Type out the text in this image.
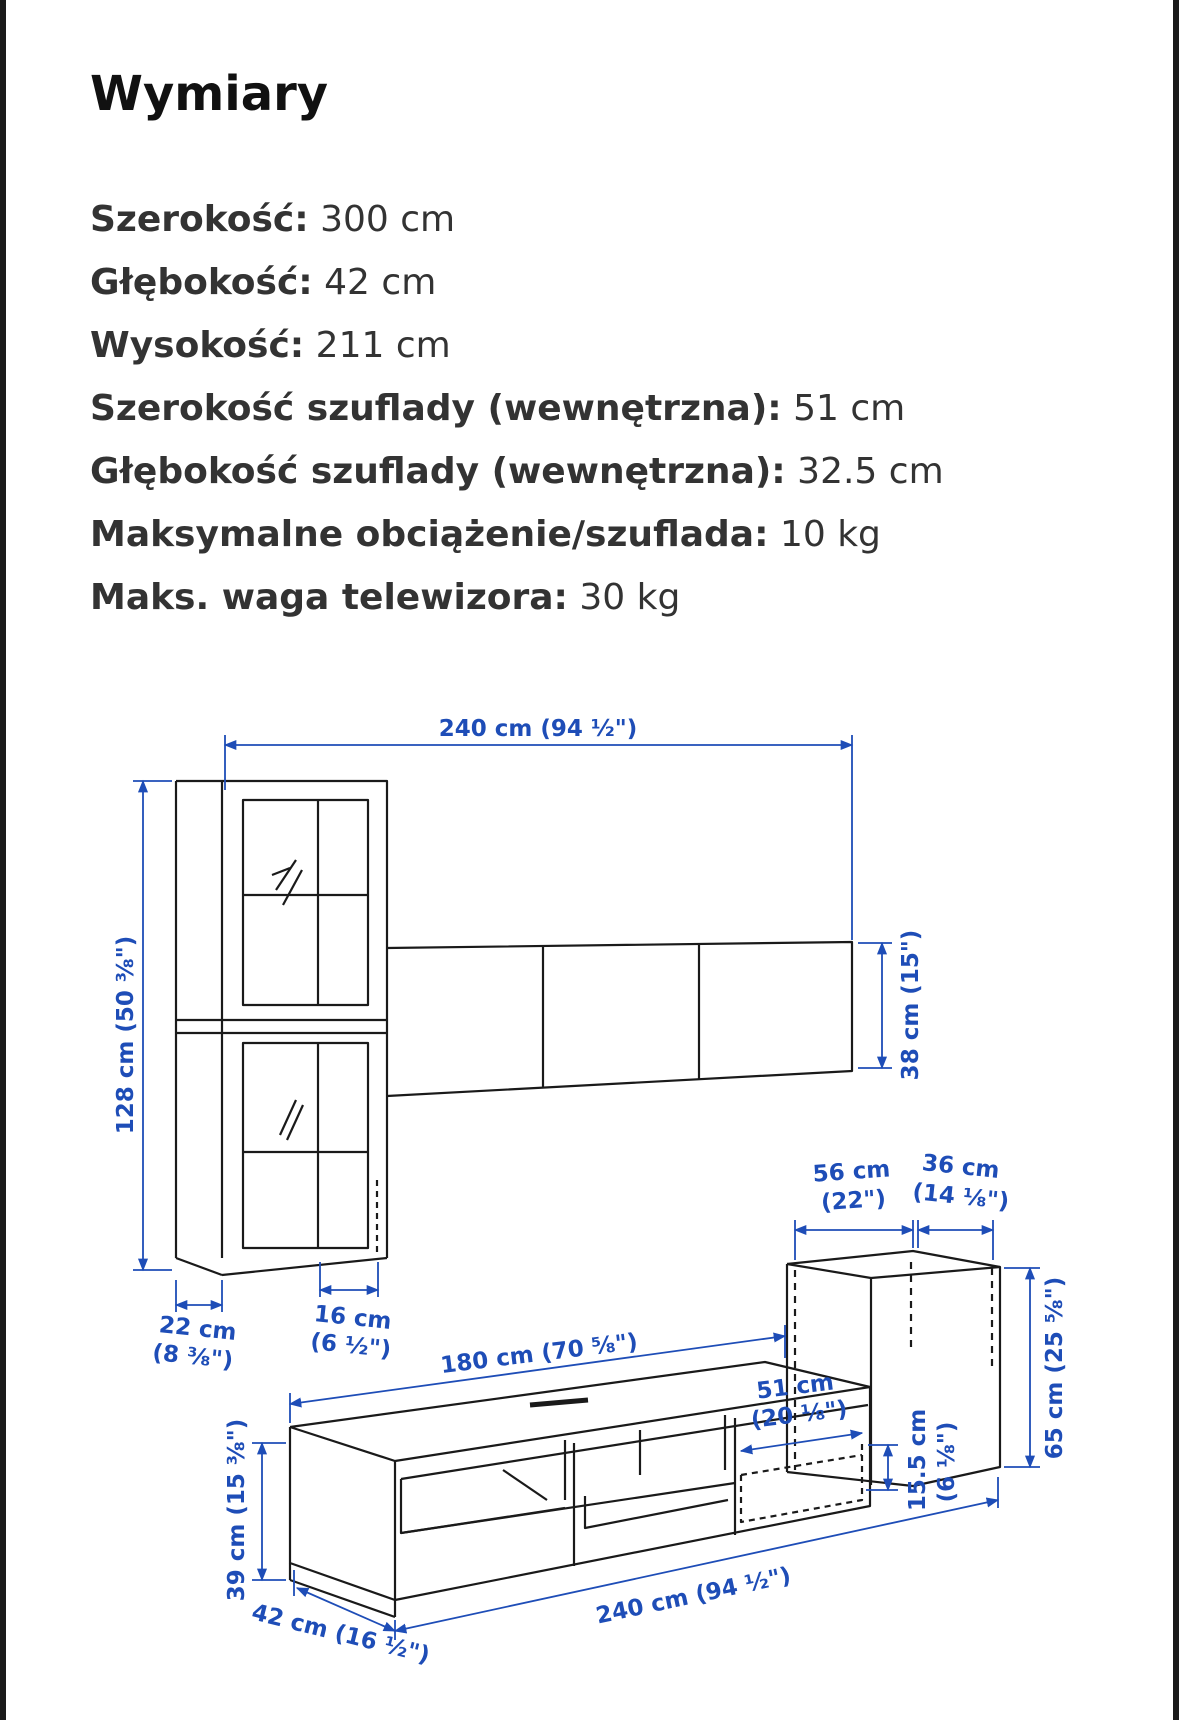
Wymiary
Szerokość: 300 cm
Głębokość: 42 cm
Wysokość: 211 cm
Szerokość szuflady (wewnętrzna): 51 cm
Głębokość szuflady (wewnętrzna): 32.5 cm
Maksymalne obciążenie/szuflada: 10 kg
Maks. waga telewizora: 30 kg
240 cm (94 ½")
128 cm (50 ⅜")	38 cm (15")
22 cm
(8 ⅜")
16 cm
(6 ½")
56 cm
(22")
36 cm
(14 ⅛")
180 cm (70 ⅝")
51 cm
(20 ⅛")	65 cm (25 ⅝")
15.5 cm (6 ⅛")
39 cm (15 ⅜")	240 cm (94 ½")
42 cm (16 ½")
